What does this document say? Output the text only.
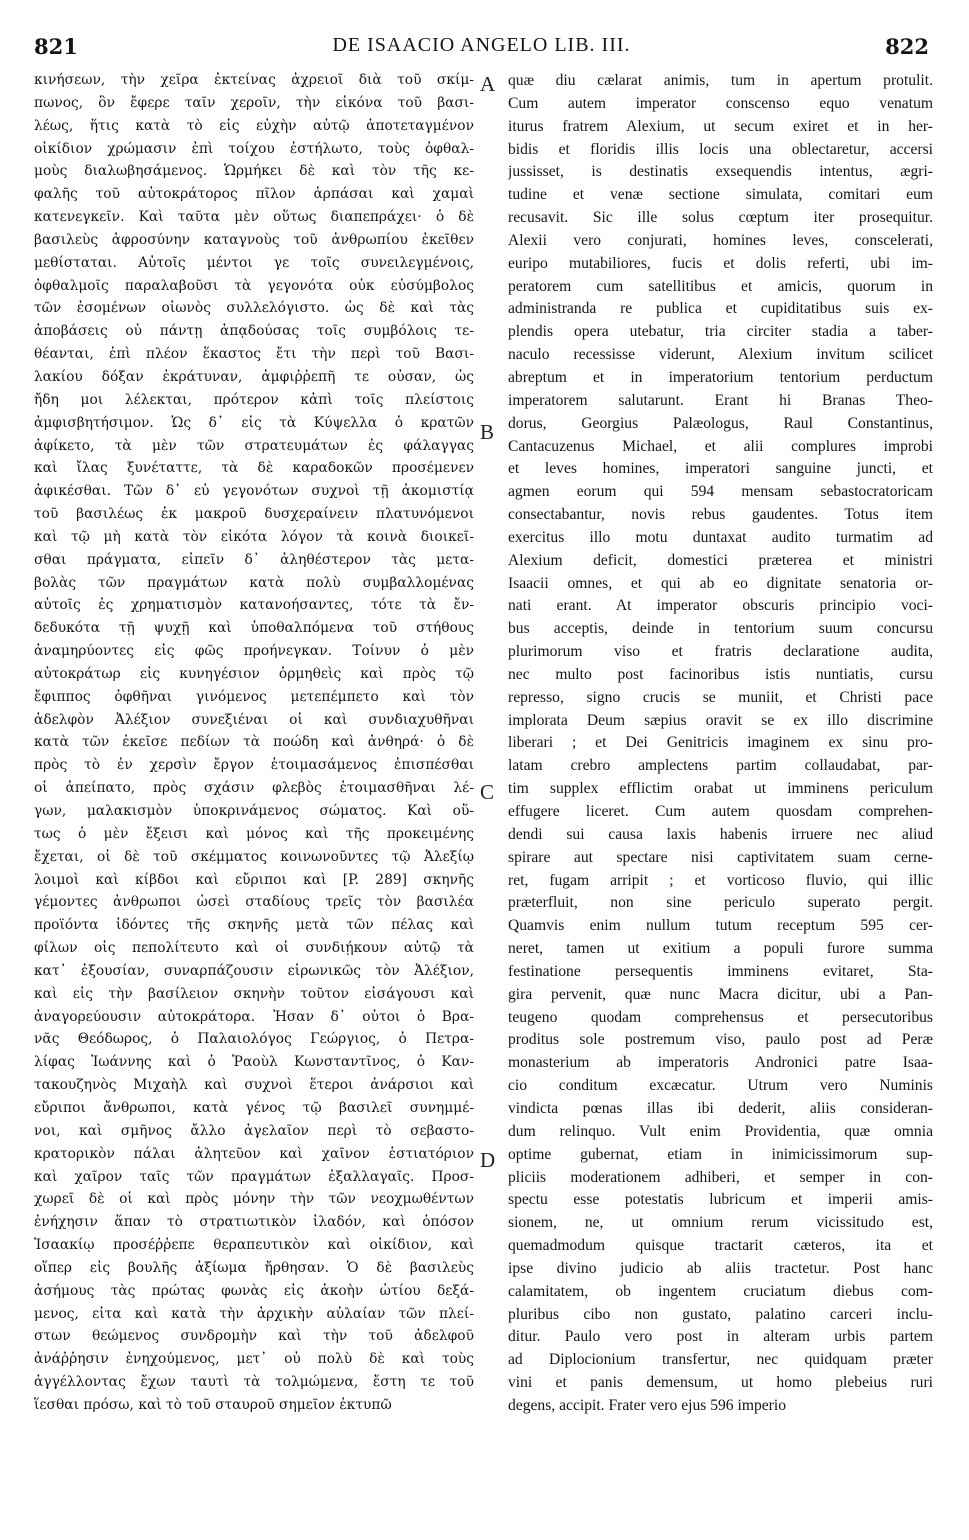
821	DE ISAACIO ANGELO LIB. III.	822
κινήσεων, τὴν χεῖρα ἐκτείνας ἀχρειοῖ διὰ τοῦ σκίμ-
πωνος, ὃν ἔφερε ταῖν χεροῖν, τὴν εἰκόνα τοῦ βασι-
λέως, ἥτις κατὰ τὸ εἰς εὐχὴν αὐτῷ ἀποτεταγμένον
οἰκίδιον χρώμασιν ἐπὶ τοίχου ἐστήλωτο, τοὺς ὀφθαλ-
μοὺς διαλωβησάμενος. Ὡρμήκει δὲ καὶ τὸν τῆς κε-
φαλῆς τοῦ αὐτοκράτορος πῖλον ἁρπάσαι καὶ χαμαὶ
κατενεγκεῖν. Καὶ ταῦτα μὲν οὕτως διαπεπράχει· ὁ δὲ
βασιλεὺς ἀφροσύνην καταγνοὺς τοῦ ἀνθρωπίου ἐκεῖθεν
μεθίσταται. Αὐτοῖς μέντοι γε τοῖς συνειλεγμένοις,
ὀφθαλμοῖς παραλαβοῦσι τὰ γεγονότα οὐκ εὐσύμβολος
τῶν ἐσομένων οἰωνὸς συλλελόγιστο. ὡς δὲ καὶ τὰς
ἀποβάσεις οὐ πάντῃ ἀπᾳδούσας τοῖς συμβόλοις τε-
θέανται, ἐπὶ πλέον ἕκαστος ἔτι τὴν περὶ τοῦ Βασι-
λακίου δόξαν ἐκράτυναν, ἀμφιῤῥεπῆ τε οὖσαν, ὡς
ἤδη μοι λέλεκται, πρότερον κἀπὶ τοῖς πλείστοις
ἀμφισβητήσιμον. Ὡς δ᾿ εἰς τὰ Κύψελλα ὁ κρατῶν
ἀφίκετο, τὰ μὲν τῶν στρατευμάτων ἐς φάλαγγας
καὶ ἴλας ξυνέταττε, τὰ δὲ καραδοκῶν προσέμενεν
ἀφικέσθαι. Τῶν δ᾿ εὖ γεγονότων συχνοὶ τῇ ἀκομιστίᾳ
τοῦ βασιλέως ἐκ μακροῦ δυσχεραίνειν πλατυνόμενοι
καὶ τῷ μὴ κατὰ τὸν εἰκότα λόγον τὰ κοινὰ διοικεῖ-
σθαι πράγματα, εἰπεῖν δ᾿ ἀληθέστερον τὰς μετα-
βολὰς τῶν πραγμάτων κατὰ πολὺ συμβαλλομένας
αὐτοῖς ἐς χρηματισμὸν κατανοήσαντες, τότε τὰ ἔν-
δεδυκότα τῇ ψυχῇ καὶ ὑποθαλπόμενα τοῦ στήθους
ἀναμηρύοντες εἰς φῶς προήνεγκαν. Τοίνυν ὁ μὲν
αὐτοκράτωρ εἰς κυνηγέσιον ὁρμηθεὶς καὶ πρὸς τῷ
ἔφιππος ὀφθῆναι γινόμενος μετεπέμπετο καὶ τὸν
ἀδελφὸν Ἀλέξιον συνεξιέναι οἱ καὶ συνδιαχυθῆναι
κατὰ τῶν ἐκεῖσε πεδίων τὰ ποώδη καὶ ἀνθηρά· ὁ δὲ
πρὸς τὸ ἐν χερσὶν ἔργον ἑτοιμασάμενος ἐπισπέσθαι
οἱ ἀπείπατο, πρὸς σχάσιν φλεβὸς ἑτοιμασθῆναι λέ-
γων, μαλακισμὸν ὑποκρινάμενος σώματος. Καὶ οὕ-
τως ὁ μὲν ἔξεισι καὶ μόνος καὶ τῆς προκειμένης
ἔχεται, οἱ δὲ τοῦ σκέμματος κοινωνοῦντες τῷ Ἀλεξίῳ
λοιμοὶ καὶ κίβδοι καὶ εὔριποι καὶ [P. 289] σκηνῆς
γέμοντες ἀνθρωποι ὡσεὶ σταδίους τρεῖς τὸν βασιλέα
προϊόντα ἰδόντες τῆς σκηνῆς μετὰ τῶν πέλας καὶ
φίλων οἷς πεπολίτευτο καὶ οἱ συνδιῄκουν αὐτῷ τὰ
κατ᾿ ἐξουσίαν, συναρπάζουσιν εἰρωνικῶς τὸν Ἀλέξιον,
καὶ εἰς τὴν βασίλειον σκηνὴν τοῦτον εἰσάγουσι καὶ
ἀναγορεύουσιν αὐτοκράτορα. Ἦσαν δ᾿ οὗτοι ὁ Βρα-
νᾶς Θεόδωρος, ὁ Παλαιολόγος Γεώργιος, ὁ Πετρα-
λίφας Ἰωάννης καὶ ὁ Ῥαοὺλ Κωνσταντῖνος, ὁ Καν-
τακουζηνὸς Μιχαὴλ καὶ συχνοὶ ἕτεροι ἀνάρσιοι καὶ
εὔριποι ἄνθρωποι, κατὰ γένος τῷ βασιλεῖ συνημμέ-
νοι, καὶ σμῆνος ἄλλο ἀγελαῖον περὶ τὸ σεβαστο-
κρατορικὸν πάλαι ἀλητεῦον καὶ χαῖνον ἑστιατόριον
καὶ χαῖρον ταῖς τῶν πραγμάτων ἐξαλλαγαῖς. Προσ-
χωρεῖ δὲ οἱ καὶ πρὸς μόνην τὴν τῶν νεοχμωθέντων
ἐνήχησιν ἅπαν τὸ στρατιωτικὸν ἰλαδόν, καὶ ὁπόσον
Ἰσαακίῳ προσέῤῥεπε θεραπευτικὸν καὶ οἰκίδιον, καὶ
οἵπερ εἰς βουλῆς ἀξίωμα ἤρθησαν. Ὁ δὲ βασιλεὺς
ἀσήμους τὰς πρώτας φωνὰς εἰς ἀκοὴν ὠτίου δεξά-
μενος, εἶτα καὶ κατὰ τὴν ἀρχικὴν αὐλαίαν τῶν πλεί-
στων θεώμενος συνδρομὴν καὶ τὴν τοῦ ἀδελφοῦ
ἀνάῤῥησιν ἐνηχούμενος, μετ᾿ οὐ πολὺ δὲ καὶ τοὺς
ἀγγέλλοντας ἔχων ταυτὶ τὰ τολμώμενα, ἔστη τε τοῦ
ἵεσθαι πρόσω, καὶ τὸ τοῦ σταυροῦ σημεῖον ἐκτυπῶ
quæ diu cælarat animis, tum in apertum protulit.
Cum autem imperator conscenso equo venatum
iturus fratrem Alexium, ut secum exiret et in her-
bidis et floridis illis locis una oblectaretur, accersi
jussisset, is destinatis exsequendis intentus, ægri-
tudine et venæ sectione simulata, comitari eum
recusavit. Sic ille solus cœptum iter prosequitur.
Alexii vero conjurati, homines leves, conscelerati,
euripo mutabiliores, fucis et dolis referti, ubi im-
peratorem cum satellitibus et amicis, quorum in
administranda re publica et cupiditatibus suis ex-
plendis opera utebatur, tria circiter stadia a taber-
naculo recessisse viderunt, Alexium invitum scilicet
abreptum et in imperatorium tentorium perductum
imperatorem salutarunt. Erant hi Branas Theo-
dorus, Georgius Palæologus, Raul Constantinus,
Cantacuzenus Michael, et alii complures improbi
et leves homines, imperatori sanguine juncti, et
agmen eorum qui 594 mensam sebastocratoricam
consectabantur, novis rebus gaudentes. Totus item
exercitus illo motu duntaxat audito turmatim ad
Alexium deficit, domestici præterea et ministri
Isaacii omnes, et qui ab eo dignitate senatoria or-
nati erant. At imperator obscuris principio voci-
bus acceptis, deinde in tentorium suum concursu
plurimorum viso et fratris declaratione audita,
nec multo post facinoribus istis nuntiatis, cursu
represso, signo crucis se muniit, et Christi pace
implorata Deum sæpius oravit se ex illo discrimine
liberari ; et Dei Genitricis imaginem ex sinu pro-
latam crebro amplectens partim collaudabat, par-
tim supplex efflictim orabat ut imminens periculum
effugere liceret. Cum autem quosdam comprehen-
dendi sui causa laxis habenis irruere nec aliud
spirare aut spectare nisi captivitatem suam cerne-
ret, fugam arripit ; et vorticoso fluvio, qui illic
præterfluit, non sine periculo superato pergit.
Quamvis enim nullum tutum receptum 595 cer-
neret, tamen ut exitium a populi furore summa
festinatione persequentis imminens evitaret, Sta-
gira pervenit, quæ nunc Macra dicitur, ubi a Pan-
teugeno quodam comprehensus et persecutoribus
proditus sole postremum viso, paulo post ad Peræ
monasterium ab imperatoris Andronici patre Isaa-
cio conditum excæcatur. Utrum vero Numinis
vindicta pœnas illas ibi dederit, aliis consideran-
dum relinquo. Vult enim Providentia, quæ omnia
optime gubernat, etiam in inimicissimorum sup-
pliciis moderationem adhiberi, et semper in con-
spectu esse potestatis lubricum et imperii amis-
sionem, ne, ut omnium rerum vicissitudo est,
quemadmodum quisque tractarit cæteros, ita et
ipse divino judicio ab aliis tractetur. Post hanc
calamitatem, ob ingentem cruciatum diebus com-
pluribus cibo non gustato, palatino carceri inclu-
ditur. Paulo vero post in alteram urbis partem
ad Diplocionium transfertur, nec quidquam præter
vini et panis demensum, ut homo plebeius ruri
degens, accipit. Frater vero ejus 596 imperio
A
B
C
D
